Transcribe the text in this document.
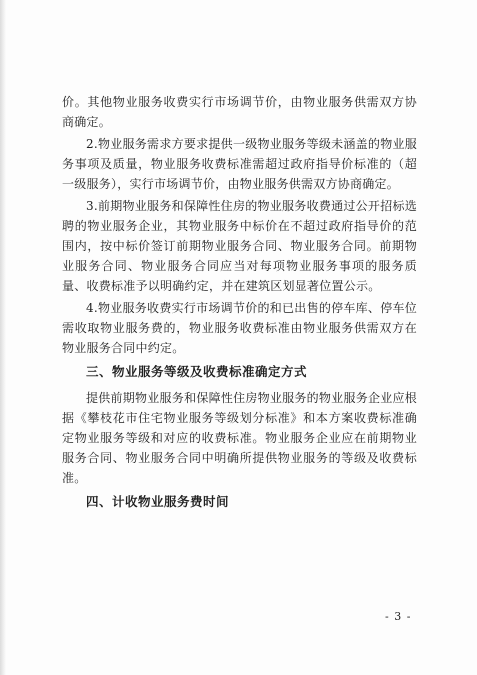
价。其他物业服务收费实行市场调节价，由物业服务供需双方协商确定。

2.物业服务需求方要求提供一级物业服务等级未涵盖的物业服务事项及质量，物业服务收费标准需超过政府指导价标准的（超一级服务），实行市场调节价，由物业服务供需双方协商确定。

3.前期物业服务和保障性住房的物业服务收费通过公开招标选聘的物业服务企业，其物业服务中标价在不超过政府指导价的范围内，按中标价签订前期物业服务合同、物业服务合同。前期物业服务合同、物业服务合同应当对每项物业服务事项的服务质量、收费标准予以明确约定，并在建筑区划显著位置公示。

4.物业服务收费实行市场调节价的和已出售的停车库、停车位需收取物业服务费的，物业服务收费标准由物业服务供需双方在物业服务合同中约定。

三、物业服务等级及收费标准确定方式

提供前期物业服务和保障性住房物业服务的物业服务企业应根据《攀枝花市住宅物业服务等级划分标准》和本方案收费标准确定物业服务等级和对应的收费标准。物业服务企业应在前期物业服务合同、物业服务合同中明确所提供物业服务的等级及收费标准。

四、计收物业服务费时间
- 3 -
